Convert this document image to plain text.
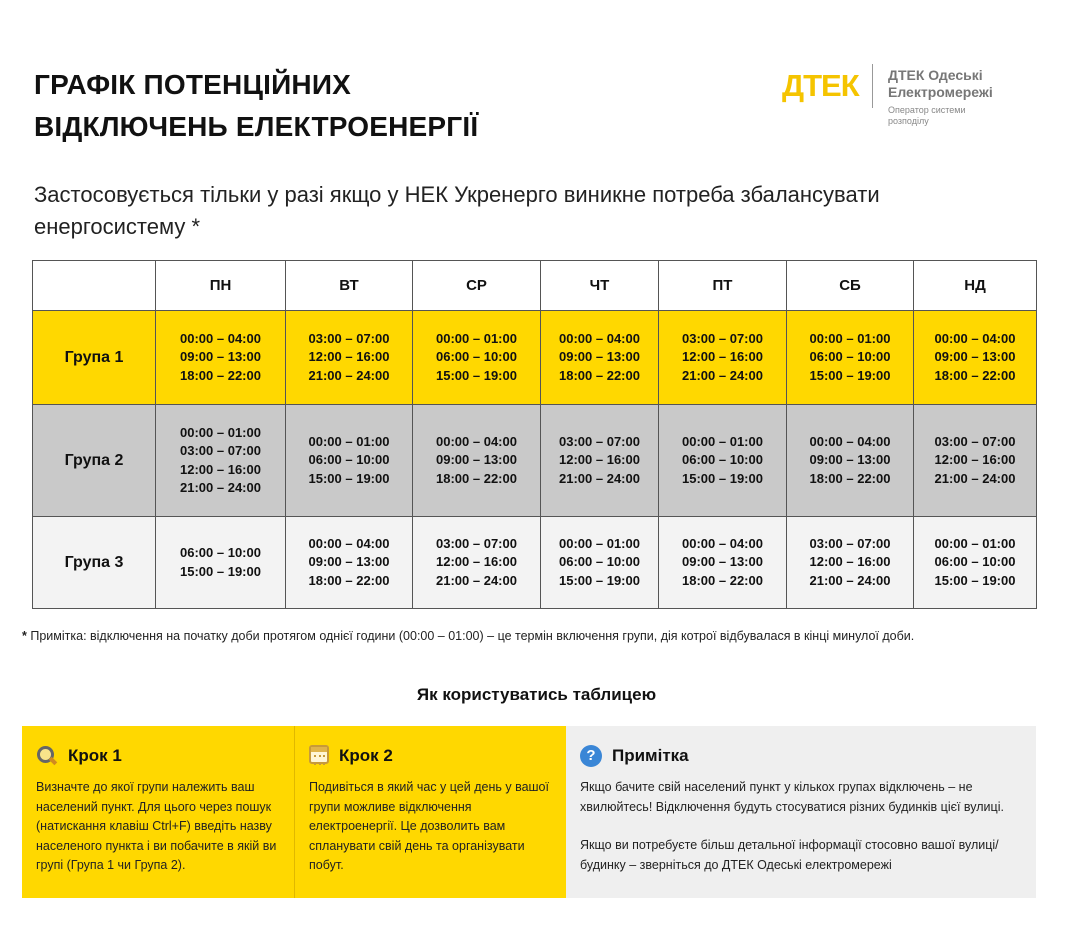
ГРАФІК ПОТЕНЦІЙНИХ
ВІДКЛЮЧЕНЬ ЕЛЕКТРОЕНЕРГІЇ
ДТЕК ДТЕК Одеські
Електромережі
Оператор системи
розподілу
Застосовується тільки у разі якщо у НЕК Укренерго виникне потреба збалансувати енергосистему *
	ПН	ВТ	СР	ЧТ	ПТ	СБ	НД
Група 1	00:00 – 04:00
09:00 – 13:00
18:00 – 22:00	03:00 – 07:00
12:00 – 16:00
21:00 – 24:00	00:00 – 01:00
06:00 – 10:00
15:00 – 19:00	00:00 – 04:00
09:00 – 13:00
18:00 – 22:00	03:00 – 07:00
12:00 – 16:00
21:00 – 24:00	00:00 – 01:00
06:00 – 10:00
15:00 – 19:00	00:00 – 04:00
09:00 – 13:00
18:00 – 22:00

Група 2	00:00 – 01:00
03:00 – 07:00
12:00 – 16:00
21:00 – 24:00	00:00 – 01:00
06:00 – 10:00
15:00 – 19:00	00:00 – 04:00
09:00 – 13:00
18:00 – 22:00	03:00 – 07:00
12:00 – 16:00
21:00 – 24:00	00:00 – 01:00
06:00 – 10:00
15:00 – 19:00	00:00 – 04:00
09:00 – 13:00
18:00 – 22:00	03:00 – 07:00
12:00 – 16:00
21:00 – 24:00

Група 3	06:00 – 10:00
15:00 – 19:00	00:00 – 04:00
09:00 – 13:00
18:00 – 22:00	03:00 – 07:00
12:00 – 16:00
21:00 – 24:00	00:00 – 01:00
06:00 – 10:00
15:00 – 19:00	00:00 – 04:00
09:00 – 13:00
18:00 – 22:00	03:00 – 07:00
12:00 – 16:00
21:00 – 24:00	00:00 – 01:00
06:00 – 10:00
15:00 – 19:00
* Примітка: відключення на початку доби протягом однієї години (00:00 – 01:00) – це термін включення групи, дія котрої відбувалася в кінці минулої доби.
Як користуватись таблицею
Крок 1
Визначте до якої групи належить ваш населений пункт. Для цього через пошук (натискання клавіш Ctrl+F) введіть назву населеного пункта і ви побачите в якій ви групі (Група 1 чи Група 2).
Крок 2
Подивіться в який час у цей день у вашої групи можливе відключення електроенергії. Це дозволить вам спланувати свій день та організувати побут.
? Примітка

Якщо бачите свій населений пункт у кількох групах відключень – не хвилюйтесь! Відключення будуть стосуватися різних будинків цієї вулиці.

Якщо ви потребуєте більш детальної інформації стосовно вашої вулиці/будинку – зверніться до ДТЕК Одеські електромережі
